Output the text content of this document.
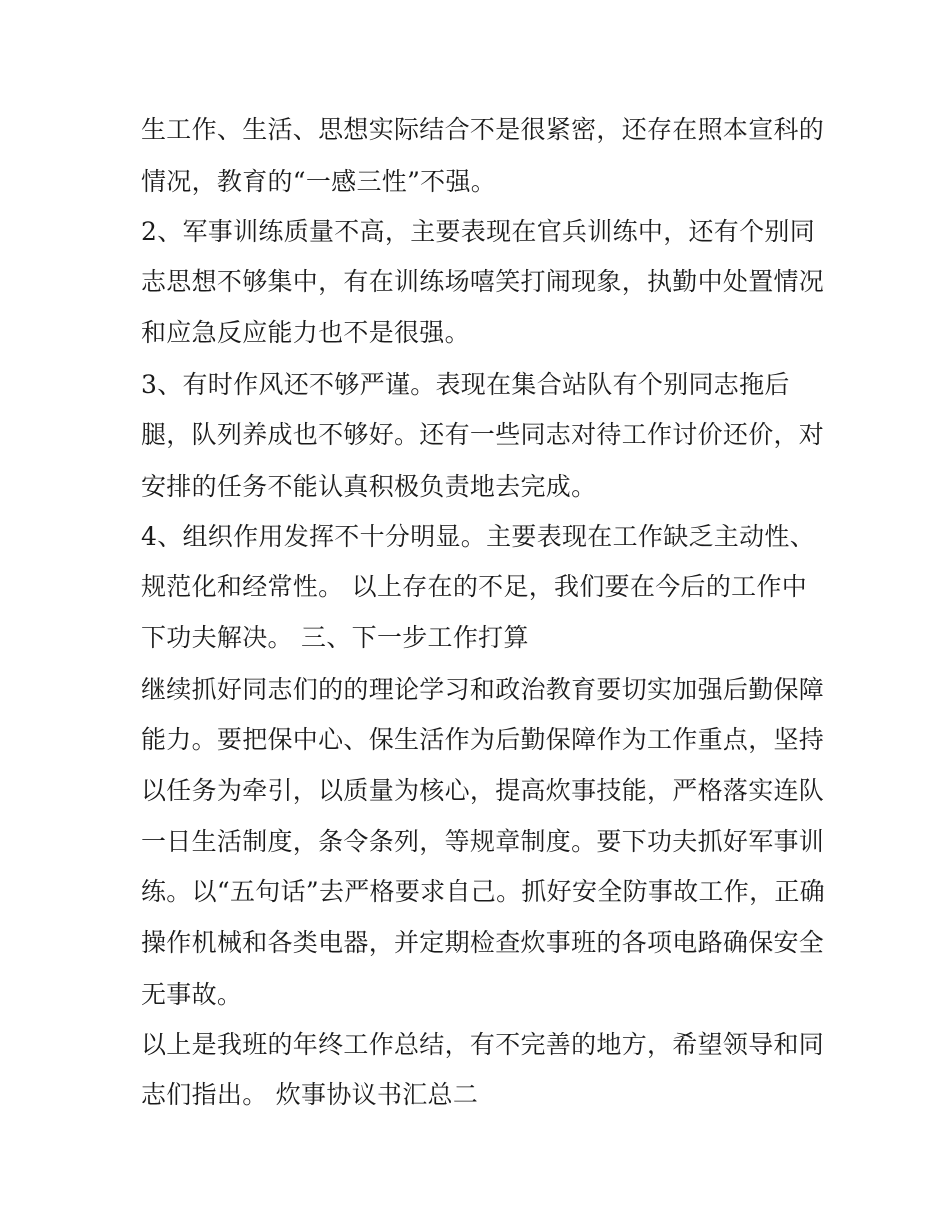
生工作、生活、思想实际结合不是很紧密，还存在照本宣科的
情况，教育的“一感三性”不强。
2、军事训练质量不高，主要表现在官兵训练中，还有个别同
志思想不够集中，有在训练场嘻笑打闹现象，执勤中处置情况
和应急反应能力也不是很强。
3、有时作风还不够严谨。表现在集合站队有个别同志拖后
腿，队列养成也不够好。还有一些同志对待工作讨价还价，对
安排的任务不能认真积极负责地去完成。
4、组织作用发挥不十分明显。主要表现在工作缺乏主动性、
规范化和经常性。 以上存在的不足，我们要在今后的工作中
下功夫解决。 三、下一步工作打算
继续抓好同志们的的理论学习和政治教育要切实加强后勤保障
能力。要把保中心、保生活作为后勤保障作为工作重点，坚持
以任务为牵引，以质量为核心，提高炊事技能，严格落实连队
一日生活制度，条令条列，等规章制度。要下功夫抓好军事训
练。以“五句话”去严格要求自己。抓好安全防事故工作，正确
操作机械和各类电器，并定期检查炊事班的各项电路确保安全
无事故。
以上是我班的年终工作总结，有不完善的地方，希望领导和同
志们指出。 炊事协议书汇总二
